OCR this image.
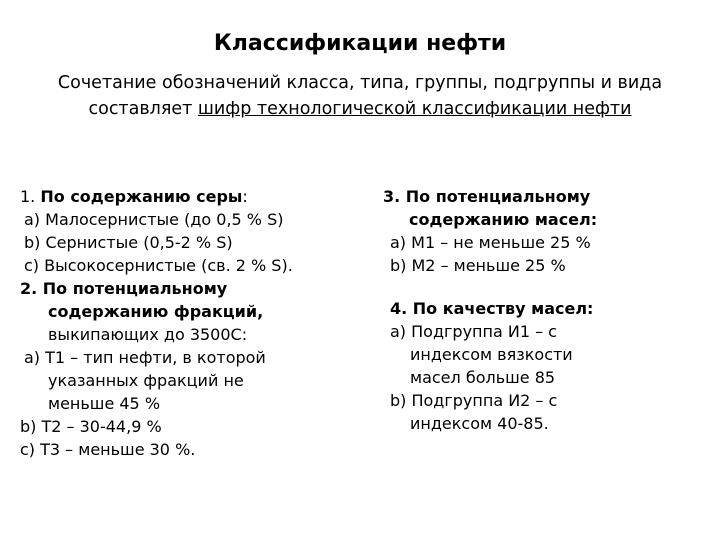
Классификации нефти
Сочетание обозначений класса, типа, группы, подгруппы и вида составляет шифр технологической классификации нефти
1. По содержанию серы:
a) Малосернистые (до 0,5 % S)
b) Сернистые (0,5-2 % S)
c) Высокосернистые (св. 2 % S).
2. По потенциальному
содержанию фракций,
выкипающих до 3500С:
a) Т1 – тип нефти, в которой
указанных фракций не
меньше 45 %
b) Т2 – 30-44,9 %
c) Т3 – меньше 30 %.
3. По потенциальному
содержанию масел:
a) М1 – не меньше 25 %
b) М2 – меньше 25 %
4. По качеству масел:
a) Подгруппа И1 – с
индексом вязкости
масел больше 85
b) Подгруппа И2 – с
индексом 40-85.
